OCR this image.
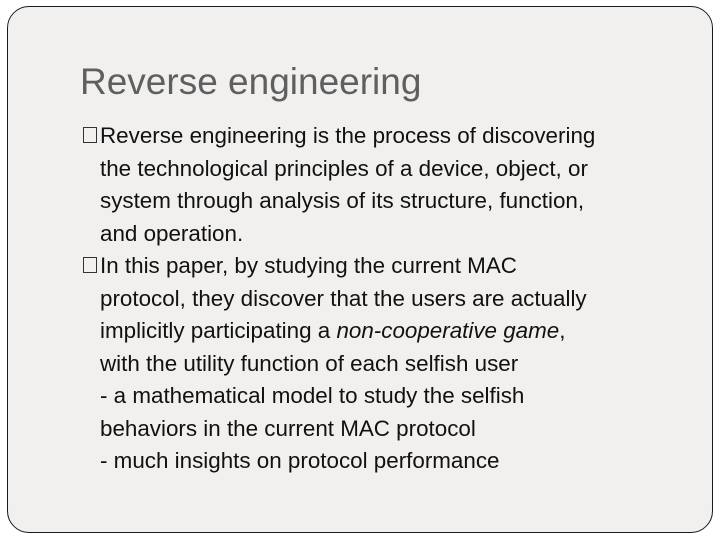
Reverse engineering
Reverse engineering is the process of discovering
the technological principles of a device, object, or
system through analysis of its structure, function,
and operation.
In this paper, by studying the current MAC
protocol, they discover that the users are actually
implicitly participating a non-cooperative game,
with the utility function of each selfish user
- a mathematical model to study the selfish
behaviors in the current MAC protocol
- much insights on protocol performance
